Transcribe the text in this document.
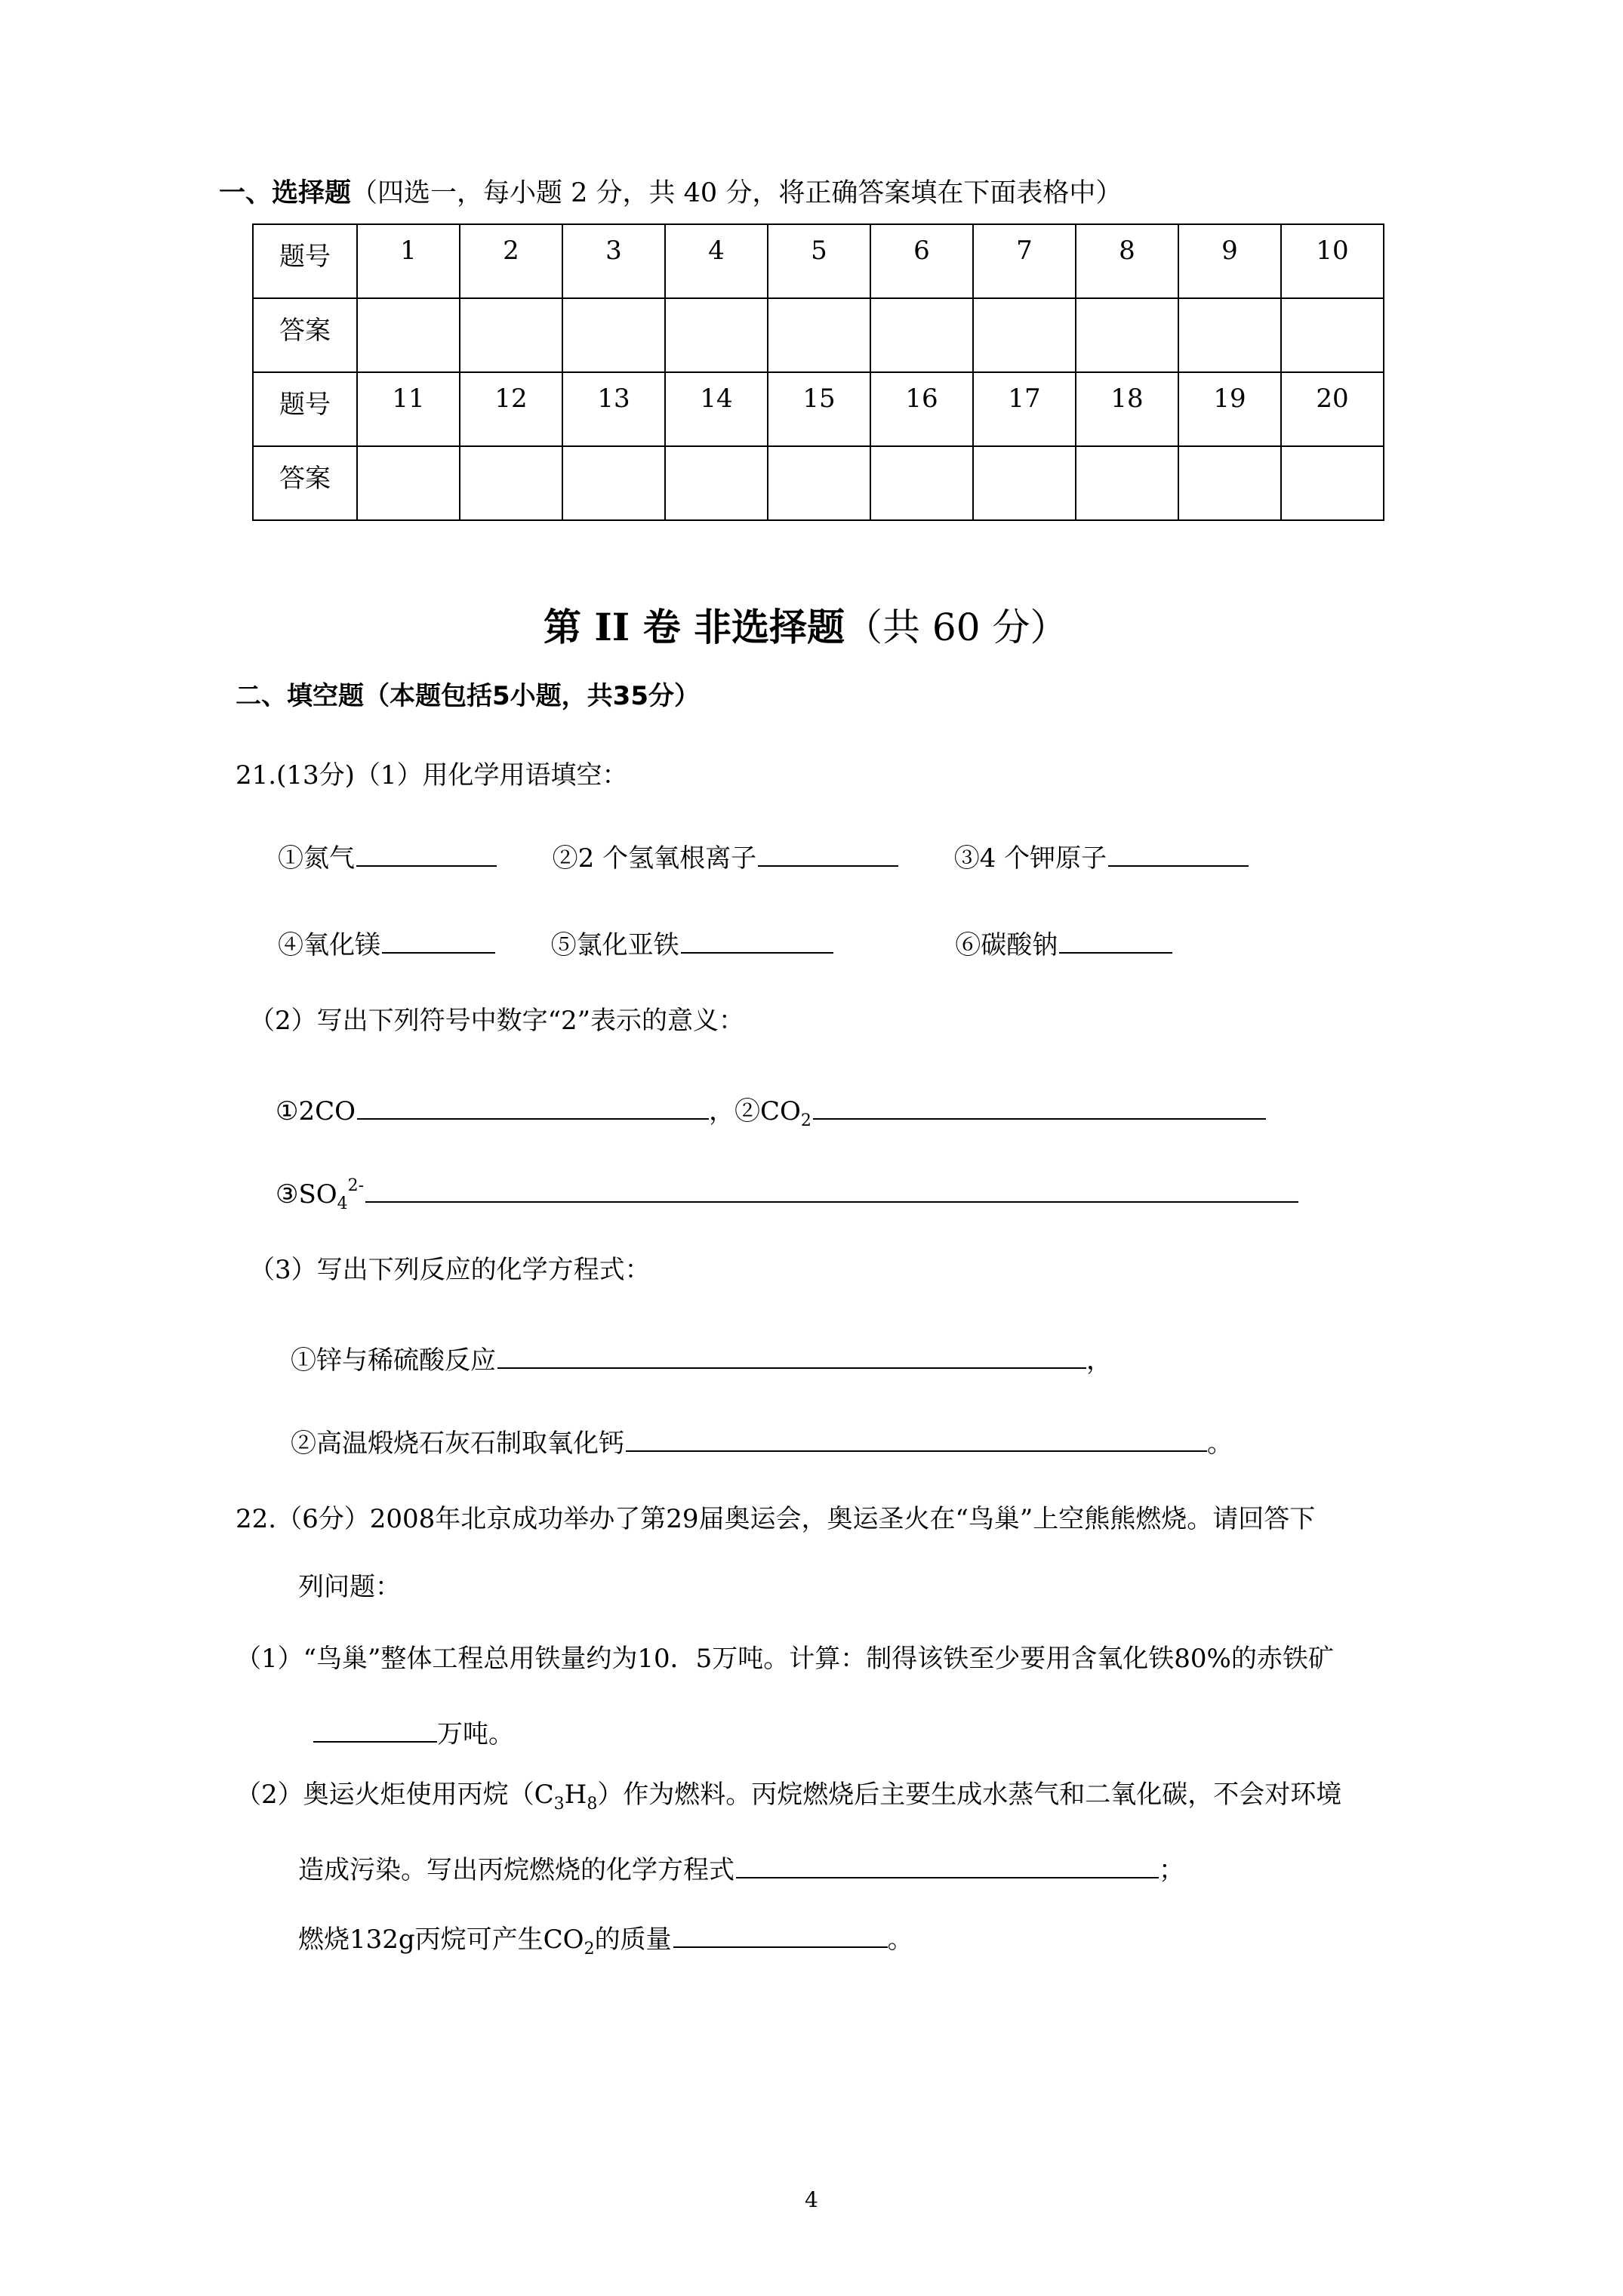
一、选择题（四选一，每小题 2 分，共 40 分，将正确答案填在下面表格中）
题号	1	2	3	4	5	6	7	8	9	10
答案										
题号	11	12	13	14	15	16	17	18	19	20
答案										
第 II 卷 非选择题（共 60 分）
二、填空题（本题包括5小题，共35分）
21.(13分)（1）用化学用语填空：
①氮气	②2 个氢氧根离子	③4 个钾原子
④氧化镁	⑤氯化亚铁	⑥碳酸钠
（2）写出下列符号中数字“2”表示的意义：
①2CO	，$②CO_2$
$③SO_4^{2-}$
（3）写出下列反应的化学方程式：
①锌与稀硫酸反应	，
②高温煅烧石灰石制取氧化钙	。
22.（6分）2008年北京成功举办了第29届奥运会，奥运圣火在“鸟巢”上空熊熊燃烧。请回答下
列问题：
（1）“鸟巢”整体工程总用铁量约为10．5万吨。计算：制得该铁至少要用含氧化铁80%的赤铁矿
万吨。
（2）奥运火炬使用丙烷$(C_3H_8)$作为燃料。丙烷燃烧后主要生成水蒸气和二氧化碳，不会对环境
造成污染。写出丙烷燃烧的化学方程式	；
燃烧132g丙烷可产生$CO_2$的质量	。
4
